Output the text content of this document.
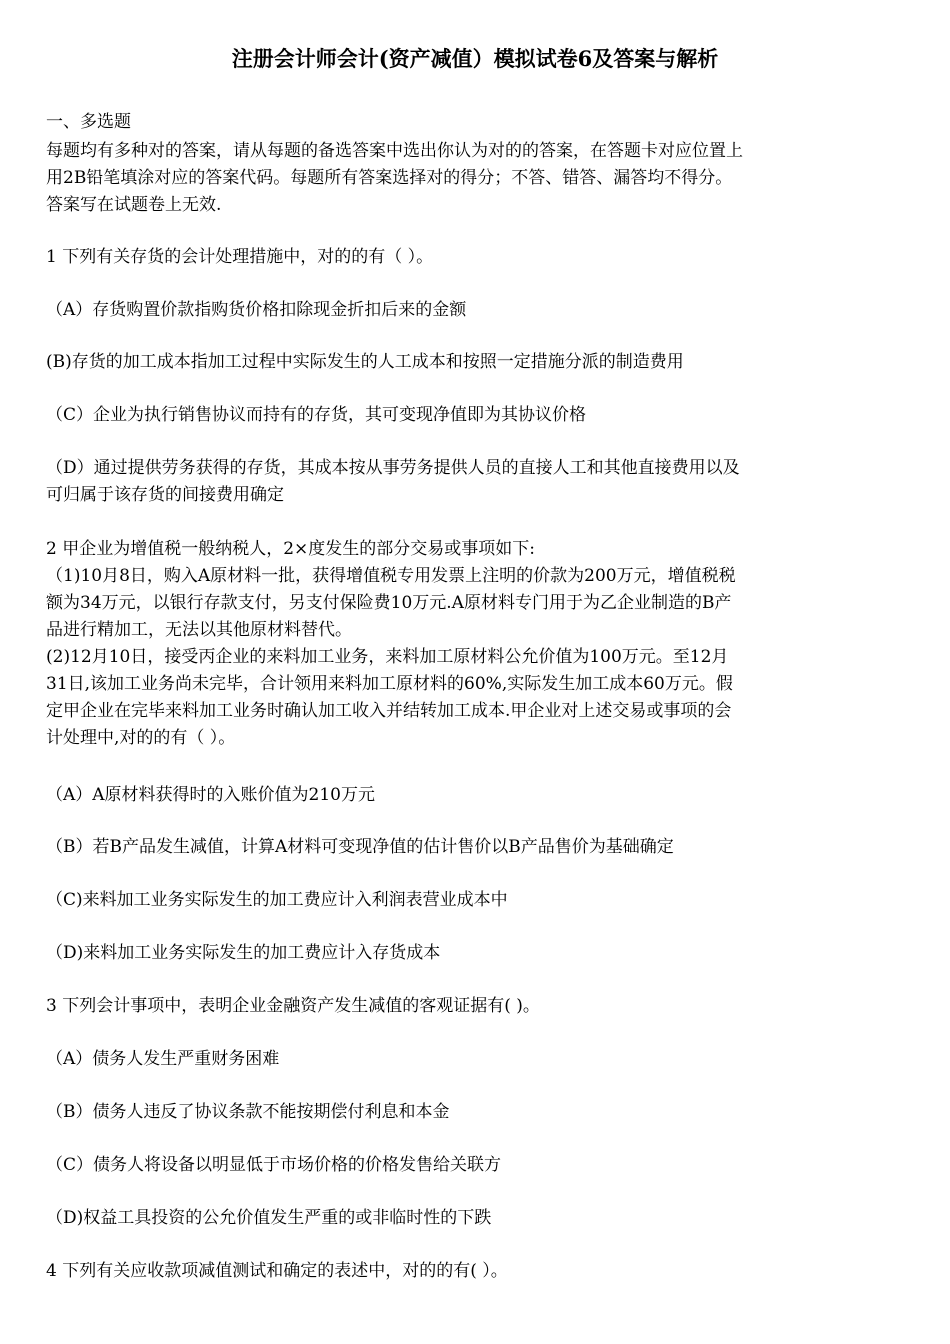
注册会计师会计(资产减值）模拟试卷6及答案与解析
一、多选题

每题均有多种对的答案，请从每题的备选答案中选出你认为对的的答案，在答题卡对应位置上

用2B铅笔填涂对应的答案代码。每题所有答案选择对的得分；不答、错答、漏答均不得分。

答案写在试题卷上无效.

1 下列有关存货的会计处理措施中，对的的有（ ）。

（A）存货购置价款指购货价格扣除现金折扣后来的金额

(B)存货的加工成本指加工过程中实际发生的人工成本和按照一定措施分派的制造费用

（C）企业为执行销售协议而持有的存货，其可变现净值即为其协议价格

（D）通过提供劳务获得的存货，其成本按从事劳务提供人员的直接人工和其他直接费用以及

可归属于该存货的间接费用确定

2 甲企业为增值税一般纳税人，2×度发生的部分交易或事项如下:

（1)10月8日，购入A原材料一批，获得增值税专用发票上注明的价款为200万元，增值税税

额为34万元，以银行存款支付，另支付保险费10万元.A原材料专门用于为乙企业制造的B产

品进行精加工，无法以其他原材料替代。

(2)12月10日，接受丙企业的来料加工业务，来料加工原材料公允价值为100万元。至12月

31日,该加工业务尚未完毕，合计领用来料加工原材料的60%,实际发生加工成本60万元。假

定甲企业在完毕来料加工业务时确认加工收入并结转加工成本.甲企业对上述交易或事项的会

计处理中,对的的有（ ）。

（A）A原材料获得时的入账价值为210万元

（B）若B产品发生减值，计算A材料可变现净值的估计售价以B产品售价为基础确定

（C)来料加工业务实际发生的加工费应计入利润表营业成本中

（D)来料加工业务实际发生的加工费应计入存货成本

3 下列会计事项中，表明企业金融资产发生减值的客观证据有( )。

（A）债务人发生严重财务困难

（B）债务人违反了协议条款不能按期偿付利息和本金

（C）债务人将设备以明显低于市场价格的价格发售给关联方

（D)权益工具投资的公允价值发生严重的或非临时性的下跌

4 下列有关应收款项减值测试和确定的表述中，对的的有( ）。
